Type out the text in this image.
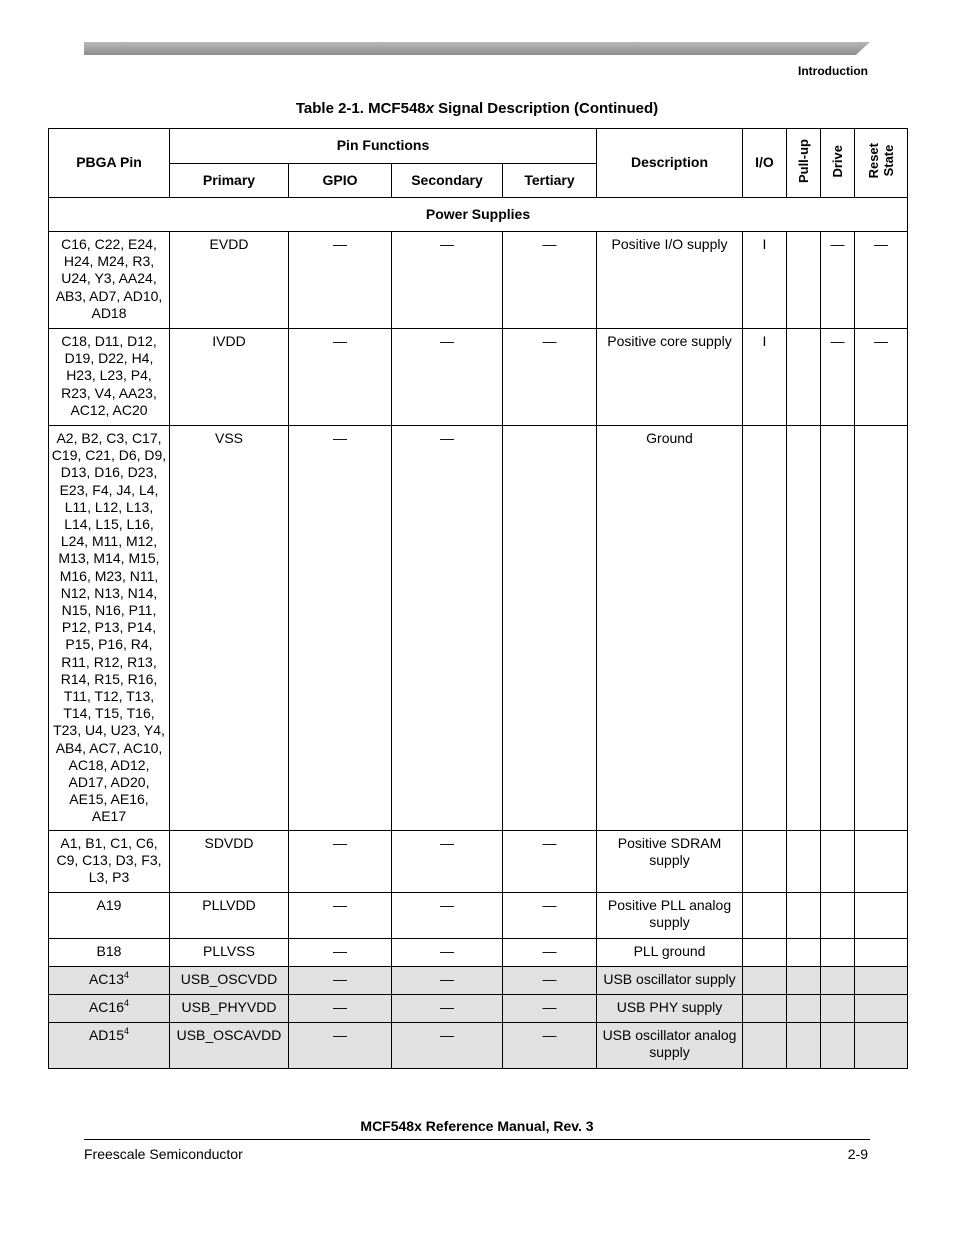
Introduction
Table 2-1. MCF548x Signal Description (Continued)
PBGA Pin	Pin Functions				Description	I/O	Pull-up	Drive	Reset
State
	Primary	GPIO	Secondary	Tertiary					
Power Supplies									
C16, C22, E24, H24, M24, R3, U24, Y3, AA24, AB3, AD7, AD10, AD18	EVDD	—	—	—	Positive I/O supply	I		—	—
C18, D11, D12, D19, D22, H4, H23, L23, P4, R23, V4, AA23, AC12, AC20	IVDD	—	—	—	Positive core supply	I		—	—
A2, B2, C3, C17, C19, C21, D6, D9, D13, D16, D23, E23, F4, J4, L4, L11, L12, L13, L14, L15, L16, L24, M11, M12, M13, M14, M15, M16, M23, N11, N12, N13, N14, N15, N16, P11, P12, P13, P14, P15, P16, R4, R11, R12, R13, R14, R15, R16, T11, T12, T13, T14, T15, T16, T23, U4, U23, Y4, AB4, AC7, AC10, AC18, AD12, AD17, AD20, AE15, AE16, AE17	VSS	—	—		Ground				
A1, B1, C1, C6, C9, C13, D3, F3, L3, P3	SDVDD	—	—	—	Positive SDRAM supply				
A19	PLLVDD	—	—	—	Positive PLL analog supply				
B18	PLLVSS	—	—	—	PLL ground				
$AC13^4$	USB_OSCVDD	—	—	—	USB oscillator supply				
$AC16^4$	USB_PHYVDD	—	—	—	USB PHY supply				
$AD15^4$	USB_OSCAVDD	—	—	—	USB oscillator analog supply				
MCF548x Reference Manual, Rev. 3
Freescale Semiconductor	2-9
